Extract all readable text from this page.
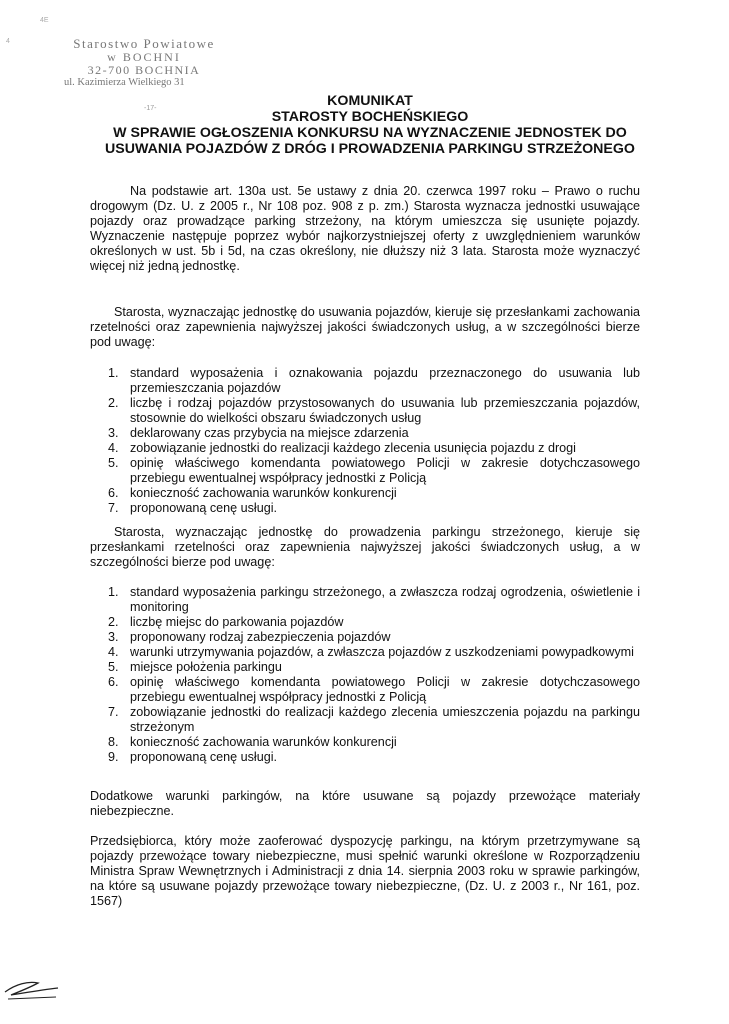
4E
4	Starostwo Powiatowe
w BOCHNI
32-700 BOCHNIA
ul. Kazimierza Wielkiego 31
-17-	KOMUNIKAT
STAROSTY BOCHEŃSKIEGO
W SPRAWIE OGŁOSZENIA KONKURSU NA WYZNACZENIE JEDNOSTEK DO
USUWANIA POJAZDÓW Z DRÓG I PROWADZENIA PARKINGU STRZEŻONEGO
Na podstawie art. 130a ust. 5e ustawy z dnia 20. czerwca 1997 roku – Prawo o ruchu drogowym (Dz. U. z 2005 r., Nr 108 poz. 908 z p. zm.) Starosta wyznacza jednostki usuwające pojazdy oraz prowadzące parking strzeżony, na którym umieszcza się usunięte pojazdy. Wyznaczenie następuje poprzez wybór najkorzystniejszej oferty z uwzględnieniem warunków określonych w ust. 5b i 5d, na czas określony, nie dłuższy niż 3 lata. Starosta może wyznaczyć więcej niż jedną jednostkę.
Starosta, wyznaczając jednostkę do usuwania pojazdów, kieruje się przesłankami zachowania rzetelności oraz zapewnienia najwyższej jakości świadczonych usług, a w szczególności bierze pod uwagę:
1. standard wyposażenia i oznakowania pojazdu przeznaczonego do usuwania lub przemieszczania pojazdów
2. liczbę i rodzaj pojazdów przystosowanych do usuwania lub przemieszczania pojazdów, stosownie do wielkości obszaru świadczonych usług
3. deklarowany czas przybycia na miejsce zdarzenia
4. zobowiązanie jednostki do realizacji każdego zlecenia usunięcia pojazdu z drogi
5. opinię właściwego komendanta powiatowego Policji w zakresie dotychczasowego przebiegu ewentualnej współpracy jednostki z Policją
6. konieczność zachowania warunków konkurencji
7. proponowaną cenę usługi.
Starosta, wyznaczając jednostkę do prowadzenia parkingu strzeżonego, kieruje się przesłankami rzetelności oraz zapewnienia najwyższej jakości świadczonych usług, a w szczególności bierze pod uwagę:
1. standard wyposażenia parkingu strzeżonego, a zwłaszcza rodzaj ogrodzenia, oświetlenie i monitoring
2. liczbę miejsc do parkowania pojazdów
3. proponowany rodzaj zabezpieczenia pojazdów
4. warunki utrzymywania pojazdów, a zwłaszcza pojazdów z uszkodzeniami powypadkowymi
5. miejsce położenia parkingu
6. opinię właściwego komendanta powiatowego Policji w zakresie dotychczasowego przebiegu ewentualnej współpracy jednostki z Policją
7. zobowiązanie jednostki do realizacji każdego zlecenia umieszczenia pojazdu na parkingu strzeżonym
8. konieczność zachowania warunków konkurencji
9. proponowaną cenę usługi.
Dodatkowe warunki parkingów, na które usuwane są pojazdy przewożące materiały niebezpieczne.
Przedsiębiorca, który może zaoferować dyspozycję parkingu, na którym przetrzymywane są pojazdy przewożące towary niebezpieczne, musi spełnić warunki określone w Rozporządzeniu Ministra Spraw Wewnętrznych i Administracji z dnia 14. sierpnia 2003 roku w sprawie parkingów, na które są usuwane pojazdy przewożące towary niebezpieczne, (Dz. U. z 2003 r., Nr 161, poz. 1567)
